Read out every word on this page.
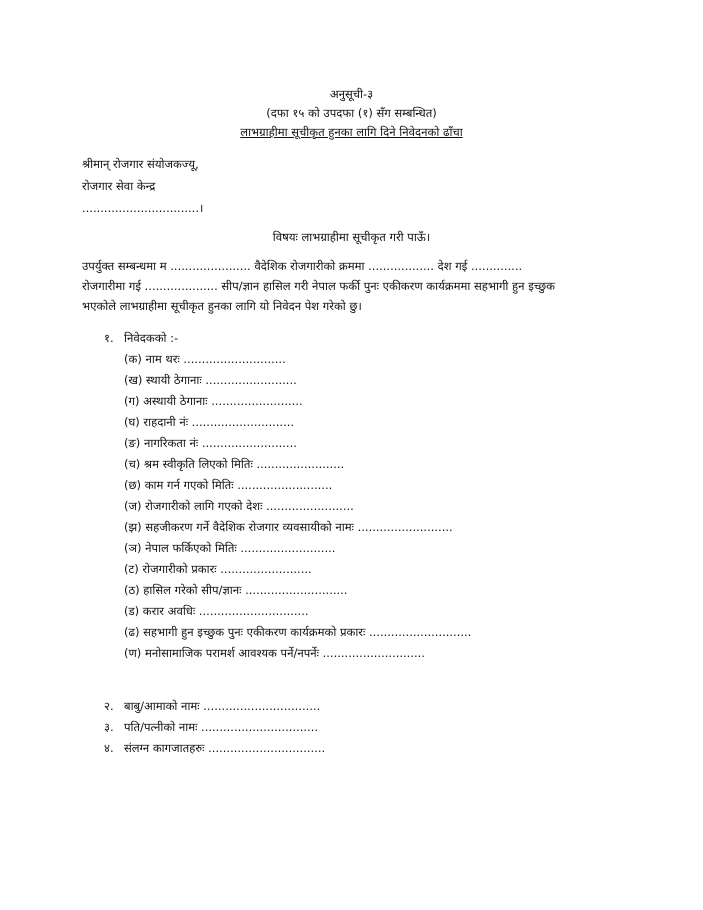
अनुसूची-३
(दफा १५ को उपदफा (१) सँग सम्बन्धित)
लाभग्राहीमा सूचीकृत हुनका लागि दिने निवेदनको ढाँचा
श्रीमान् रोजगार संयोजकज्यू,
रोजगार सेवा केन्द्र
................................।
विषयः लाभग्राहीमा सूचीकृत गरी पाऊँ।
उपर्युक्त सम्बन्धमा म ...................... वैदेशिक रोजगारीको क्रममा .................. देश गई ..............
रोजगारीमा गई .................... सीप/ज्ञान हासिल गरी नेपाल फर्की पुनः एकीकरण कार्यक्रममा सहभागी हुन इच्छुक
भएकोले लाभग्राहीमा सूचीकृत हुनका लागि यो निवेदन पेश गरेको छु।
१. निवेदकको :-
(क) नाम थरः ............................
(ख) स्थायी ठेगानाः .........................
(ग) अस्थायी ठेगानाः .........................
(घ) राहदानी नंः ............................
(ङ) नागरिकता नंः ..........................
(च) श्रम स्वीकृति लिएको मितिः ........................
(छ) काम गर्न गएको मितिः ..........................
(ज) रोजगारीको लागि गएको देशः ........................
(झ) सहजीकरण गर्ने वैदेशिक रोजगार व्यवसायीको नामः ..........................
(ञ) नेपाल फर्किएको मितिः ..........................
(ट) रोजगारीको प्रकारः .........................
(ठ) हासिल गरेको सीप/ज्ञानः ............................
(ड) करार अवधिः ..............................
(ढ) सहभागी हुन इच्छुक पुनः एकीकरण कार्यक्रमको प्रकारः ............................
(ण) मनोसामाजिक परामर्श आवश्यक पर्ने/नपर्नेः ............................
२. बाबु/आमाको नामः ................................
३. पति/पत्नीको नामः ................................
४. संलग्न कागजातहरुः ................................
